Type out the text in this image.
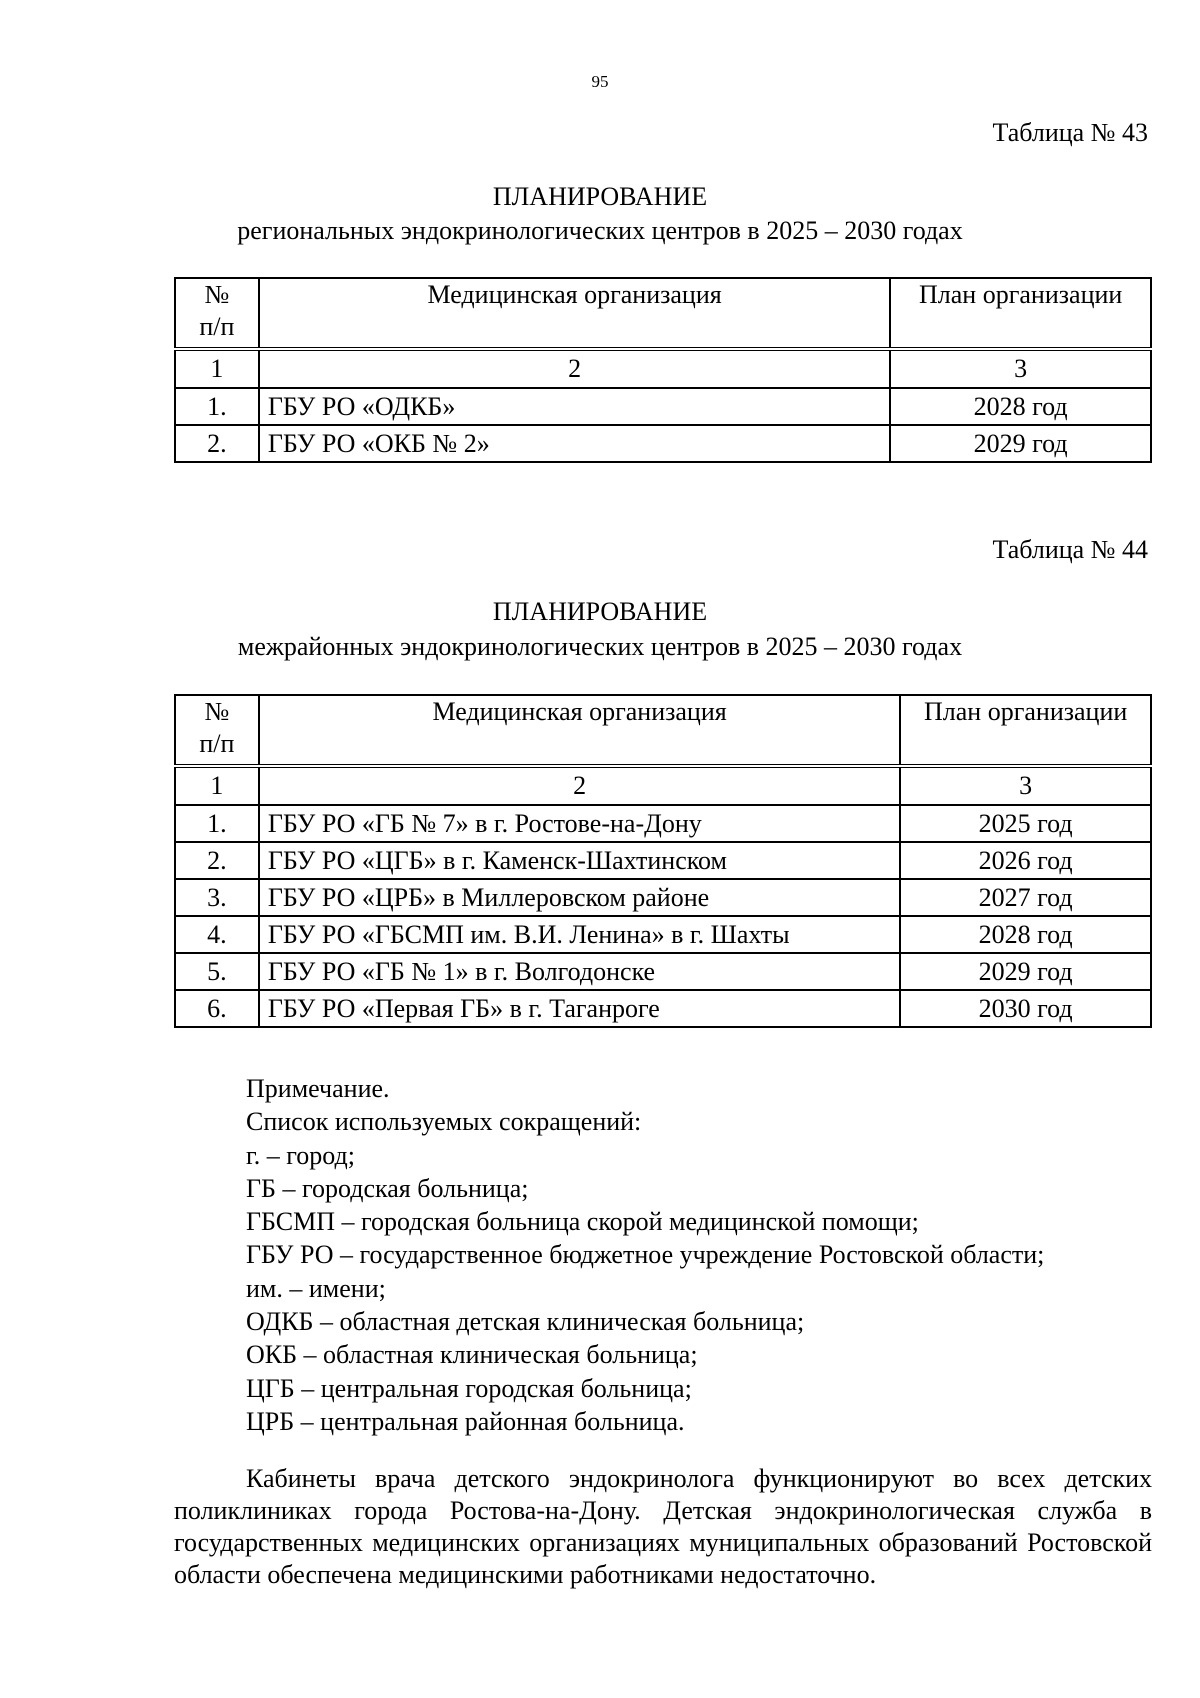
95
Таблица № 43
ПЛАНИРОВАНИЕ
региональных эндокринологических центров в 2025 – 2030 годах
№
п/п	Медицинская организация	План организации
1	2	3
1.	ГБУ РО «ОДКБ»	2028 год
2.	ГБУ РО «ОКБ № 2»	2029 год
Таблица № 44
ПЛАНИРОВАНИЕ
межрайонных эндокринологических центров в 2025 – 2030 годах
№
п/п	Медицинская организация	План организации
1	2	3
1.	ГБУ РО «ГБ № 7» в г. Ростове-на-Дону	2025 год
2.	ГБУ РО «ЦГБ» в г. Каменск-Шахтинском	2026 год
3.	ГБУ РО «ЦРБ» в Миллеровском районе	2027 год
4.	ГБУ РО «ГБСМП им. В.И. Ленина» в г. Шахты	2028 год
5.	ГБУ РО «ГБ № 1» в г. Волгодонске	2029 год
6.	ГБУ РО «Первая ГБ» в г. Таганроге	2030 год
Примечание.
Список используемых сокращений:
г. – город;
ГБ – городская больница;
ГБСМП – городская больница скорой медицинской помощи;
ГБУ РО – государственное бюджетное учреждение Ростовской области;
им. – имени;
ОДКБ – областная детская клиническая больница;
ОКБ – областная клиническая больница;
ЦГБ – центральная городская больница;
ЦРБ – центральная районная больница.

Кабинеты врача детского эндокринолога функционируют во всех детских поликлиниках города Ростова-на-Дону. Детская эндокринологическая служба в государственных медицинских организациях муниципальных образований Ростовской области обеспечена медицинскими работниками недостаточно.
